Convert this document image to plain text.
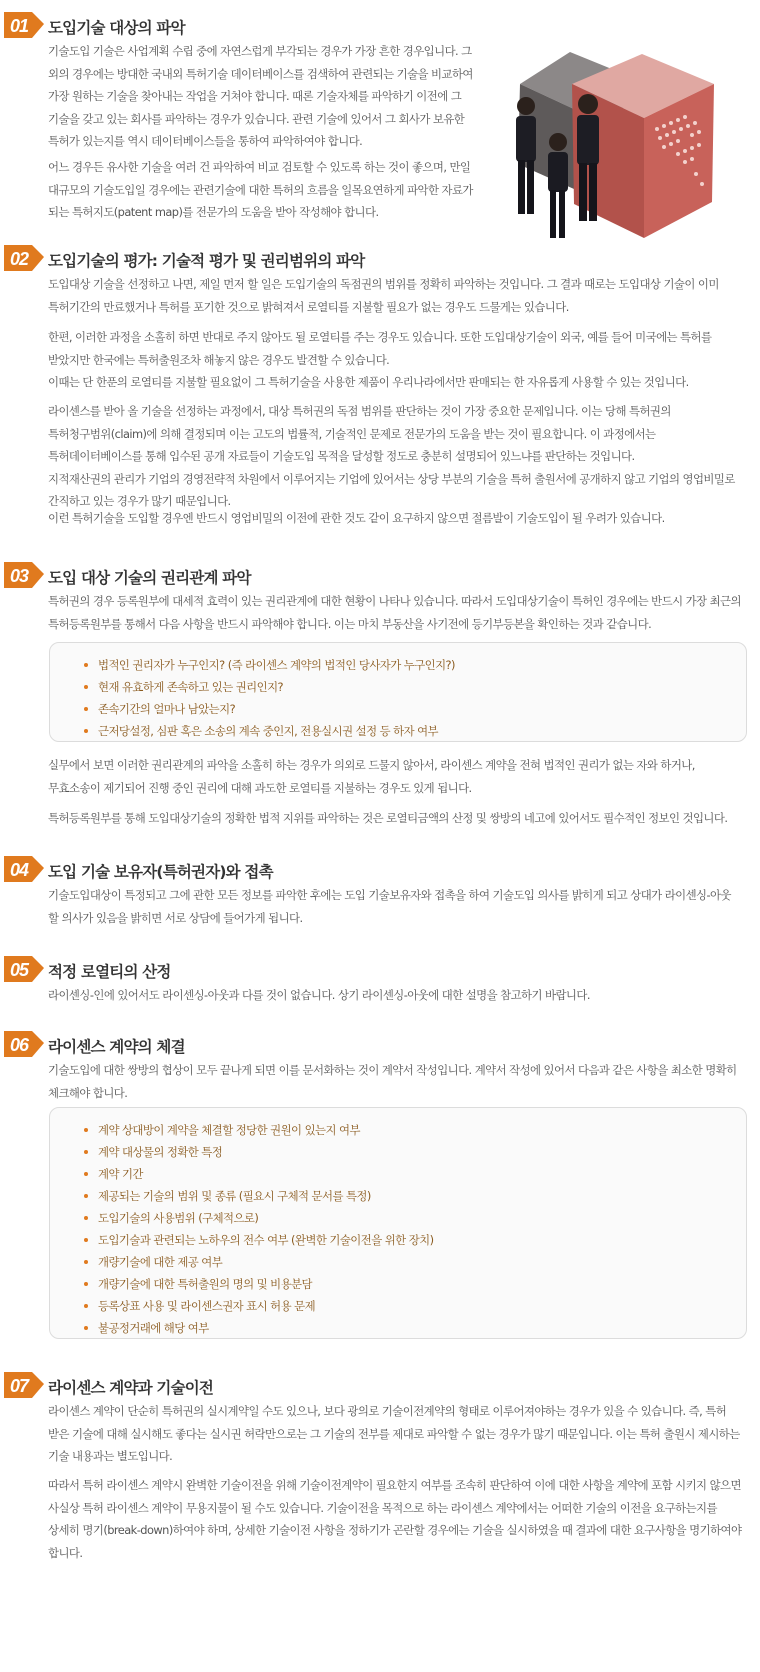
01	도입기술 대상의 파악
02	도입기술의 평가: 기술적 평가 및 권리범위의 파악
03	도입 대상 기술의 권리관계 파악
04	도입 기술 보유자(특허권자)와 접촉
05	적정 로열티의 산정
06	라이센스 계약의 체결
07	라이센스 계약과 기술이전

기술도입 기술은 사업계획 수립 중에 자연스럽게 부각되는 경우가 가장 흔한 경우입니다. 그
외의 경우에는 방대한 국내외 특허기술 데이터베이스를 검색하여 관련되는 기술을 비교하여
가장 원하는 기술을 찾아내는 작업을 거쳐야 합니다. 때론 기술자체를 파악하기 이전에 그
기술을 갖고 있는 회사를 파악하는 경우가 있습니다. 관련 기술에 있어서 그 회사가 보유한
특허가 있는지를 역시 데이터베이스들을 통하여 파악하여야 합니다.

어느 경우든 유사한 기술을 여러 건 파악하여 비교 검토할 수 있도록 하는 것이 좋으며, 만일
대규모의 기술도입일 경우에는 관련기술에 대한 특허의 흐름을 일목요연하게 파악한 자료가
되는 특허지도(patent map)를 전문가의 도움을 받아 작성해야 합니다.

도입대상 기술을 선정하고 나면, 제일 먼저 할 일은 도입기술의 독점권의 범위를 정확히 파악하는 것입니다. 그 결과 때로는 도입대상 기술이 이미
특허기간의 만료했거나 특허를 포기한 것으로 밝혀져서 로열티를 지불할 필요가 없는 경우도 드물게는 있습니다.

한편, 이러한 과정을 소홀히 하면 반대로 주지 않아도 될 로열티를 주는 경우도 있습니다. 또한 도입대상기술이 외국, 예를 들어 미국에는 특허를
받았지만 한국에는 특허출원조차 해놓지 않은 경우도 발견할 수 있습니다.
이때는 단 한푼의 로열티를 지불할 필요없이 그 특허기술을 사용한 제품이 우리나라에서만 판매되는 한 자유롭게 사용할 수 있는 것입니다.

라이센스를 받아 올 기술을 선정하는 과정에서, 대상 특허권의 독점 범위를 판단하는 것이 가장 중요한 문제입니다. 이는 당해 특허권의
특허청구범위(claim)에 의해 결정되며 이는 고도의 법률적, 기술적인 문제로 전문가의 도움을 받는 것이 필요합니다. 이 과정에서는
특허데이터베이스를 통해 입수된 공개 자료들이 기술도입 목적을 달성할 정도로 충분히 설명되어 있느냐를 판단하는 것입니다.
지적재산권의 관리가 기업의 경영전략적 차원에서 이루어지는 기업에 있어서는 상당 부분의 기술을 특허 출원서에 공개하지 않고 기업의 영업비밀로
간직하고 있는 경우가 많기 때문입니다.

이런 특허기술을 도입할 경우엔 반드시 영업비밀의 이전에 관한 것도 같이 요구하지 않으면 절름발이 기술도입이 될 우려가 있습니다.

특허권의 경우 등록원부에 대세적 효력이 있는 권리관계에 대한 현황이 나타나 있습니다. 따라서 도입대상기술이 특허인 경우에는 반드시 가장 최근의
특허등록원부를 통해서 다음 사항을 반드시 파악해야 합니다. 이는 마치 부동산을 사기전에 등기부등본을 확인하는 것과 같습니다.

법적인 권리자가 누구인지? (즉 라이센스 계약의 법적인 당사자가 누구인지?)
현재 유효하게 존속하고 있는 권리인지?
존속기간의 얼마나 남았는지?
근저당설정, 심판 혹은 소송의 계속 중인지, 전용실시권 설정 등 하자 여부

실무에서 보면 이러한 권리관계의 파악을 소홀히 하는 경우가 의외로 드물지 않아서, 라이센스 계약을 전혀 법적인 권리가 없는 자와 하거나,
무효소송이 제기되어 진행 중인 권리에 대해 과도한 로열티를 지불하는 경우도 있게 됩니다.

특허등록원부를 통해 도입대상기술의 정확한 법적 지위를 파악하는 것은 로열티금액의 산정 및 쌍방의 네고에 있어서도 필수적인 정보인 것입니다.

기술도입대상이 특정되고 그에 관한 모든 정보를 파악한 후에는 도입 기술보유자와 접촉을 하여 기술도입 의사를 밝히게 되고 상대가 라이센싱-아웃
할 의사가 있음을 밝히면 서로 상담에 들어가게 됩니다.

라이센싱-인에 있어서도 라이센싱-아웃과 다를 것이 없습니다. 상기 라이센싱-아웃에 대한 설명을 참고하기 바랍니다.

기술도입에 대한 쌍방의 협상이 모두 끝나게 되면 이를 문서화하는 것이 계약서 작성입니다. 계약서 작성에 있어서 다음과 같은 사항을 최소한 명확히
체크해야 합니다.

계약 상대방이 계약을 체결할 정당한 권원이 있는지 여부
계약 대상물의 정확한 특정
계약 기간
제공되는 기술의 범위 및 종류 (필요시 구체적 문서를 특정)
도입기술의 사용범위 (구체적으로)
도입기술과 관련되는 노하우의 전수 여부 (완벽한 기술이전을 위한 장치)
개량기술에 대한 제공 여부
개량기술에 대한 특허출원의 명의 및 비용분담
등록상표 사용 및 라이센스권자 표시 허용 문제
불공정거래에 해당 여부

라이센스 계약이 단순히 특허권의 실시계약일 수도 있으나, 보다 광의로 기술이전계약의 형태로 이루어져야하는 경우가 있을 수 있습니다. 즉, 특허
받은 기술에 대해 실시해도 좋다는 실시권 허락만으로는 그 기술의 전부를 제대로 파악할 수 없는 경우가 많기 때문입니다. 이는 특허 출원시 제시하는
기술 내용과는 별도입니다.

따라서 특허 라이센스 계약시 완벽한 기술이전을 위해 기술이전계약이 필요한지 여부를 조속히 판단하여 이에 대한 사항을 계약에 포함 시키지 않으면
사실상 특허 라이센스 계약이 무용지물이 될 수도 있습니다. 기술이전을 목적으로 하는 라이센스 계약에서는 어떠한 기술의 이전을 요구하는지를
상세히 명기(break-down)하여야 하며, 상세한 기술이전 사항을 정하기가 곤란할 경우에는 기술을 실시하였을 때 결과에 대한 요구사항을 명기하여야
합니다.
